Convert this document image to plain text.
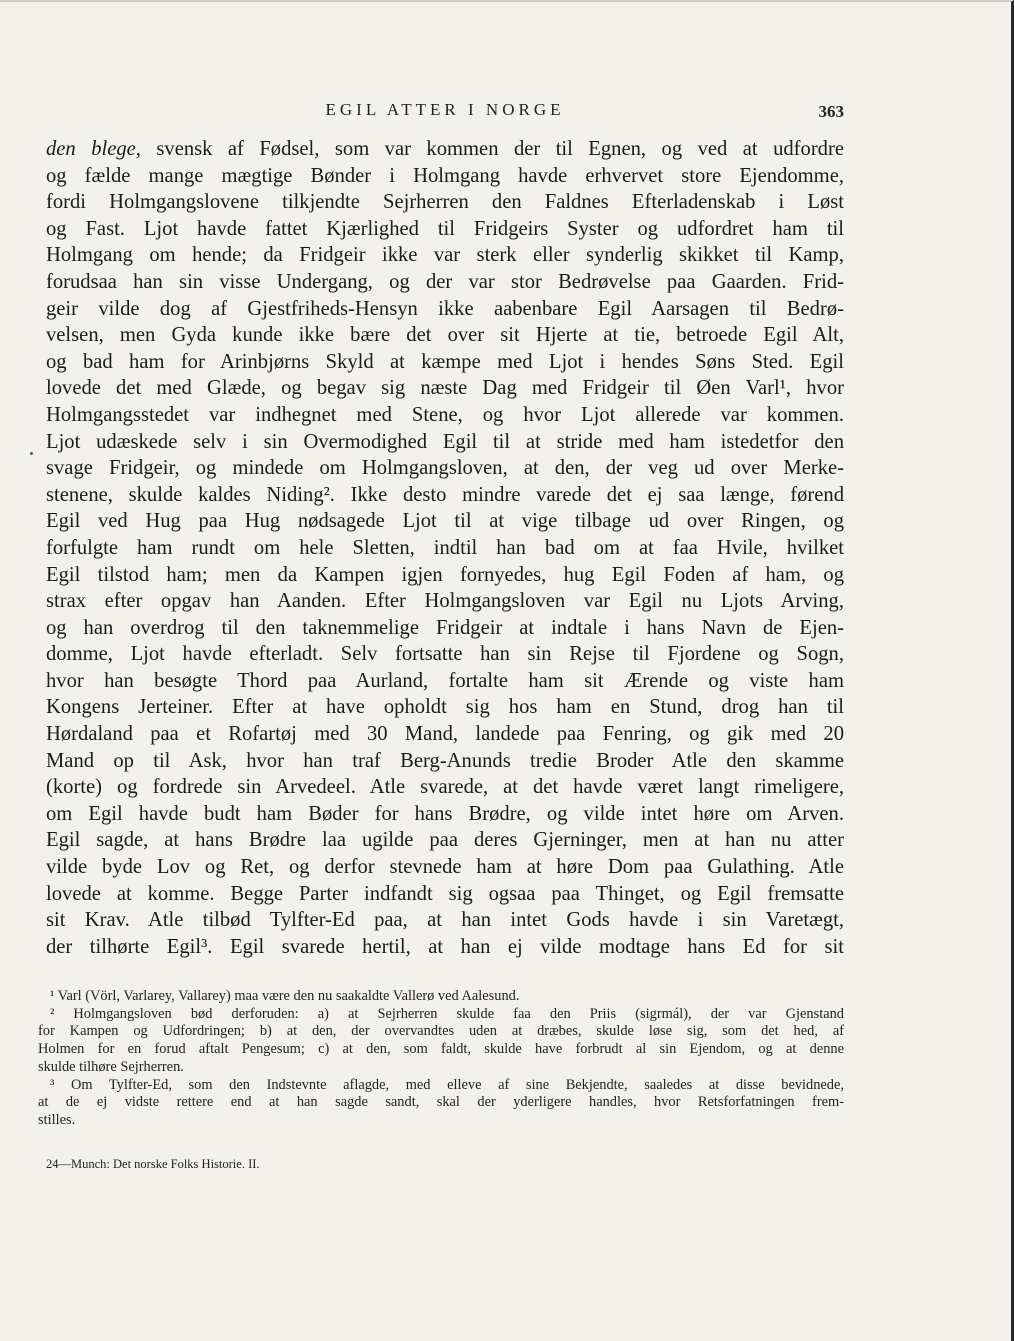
EGIL ATTER I NORGE	363
den blege, svensk af Fødsel, som var kommen der til Egnen, og ved at udfordre
og fælde mange mægtige Bønder i Holmgang havde erhvervet store Ejendomme,
fordi Holmgangslovene tilkjendte Sejrherren den Faldnes Efterladenskab i Løst
og Fast. Ljot havde fattet Kjærlighed til Fridgeirs Syster og udfordret ham til
Holmgang om hende; da Fridgeir ikke var sterk eller synderlig skikket til Kamp,
forudsaa han sin visse Undergang, og der var stor Bedrøvelse paa Gaarden. Frid-
geir vilde dog af Gjestfriheds-Hensyn ikke aabenbare Egil Aarsagen til Bedrø-
velsen, men Gyda kunde ikke bære det over sit Hjerte at tie, betroede Egil Alt,
og bad ham for Arinbjørns Skyld at kæmpe med Ljot i hendes Søns Sted. Egil
lovede det med Glæde, og begav sig næste Dag med Fridgeir til Øen Varl¹, hvor
Holmgangsstedet var indhegnet med Stene, og hvor Ljot allerede var kommen.
Ljot udæskede selv i sin Overmodighed Egil til at stride med ham istedetfor den
svage Fridgeir, og mindede om Holmgangsloven, at den, der veg ud over Merke-
stenene, skulde kaldes Niding². Ikke desto mindre varede det ej saa længe, førend
Egil ved Hug paa Hug nødsagede Ljot til at vige tilbage ud over Ringen, og
forfulgte ham rundt om hele Sletten, indtil han bad om at faa Hvile, hvilket
Egil tilstod ham; men da Kampen igjen fornyedes, hug Egil Foden af ham, og
strax efter opgav han Aanden. Efter Holmgangsloven var Egil nu Ljots Arving,
og han overdrog til den taknemmelige Fridgeir at indtale i hans Navn de Ejen-
domme, Ljot havde efterladt. Selv fortsatte han sin Rejse til Fjordene og Sogn,
hvor han besøgte Thord paa Aurland, fortalte ham sit Ærende og viste ham
Kongens Jerteiner. Efter at have opholdt sig hos ham en Stund, drog han til
Hørdaland paa et Rofartøj med 30 Mand, landede paa Fenring, og gik med 20
Mand op til Ask, hvor han traf Berg-Anunds tredie Broder Atle den skamme
(korte) og fordrede sin Arvedeel. Atle svarede, at det havde været langt rimeligere,
om Egil havde budt ham Bøder for hans Brødre, og vilde intet høre om Arven.
Egil sagde, at hans Brødre laa ugilde paa deres Gjerninger, men at han nu atter
vilde byde Lov og Ret, og derfor stevnede ham at høre Dom paa Gulathing. Atle
lovede at komme. Begge Parter indfandt sig ogsaa paa Thinget, og Egil fremsatte
sit Krav. Atle tilbød Tylfter-Ed paa, at han intet Gods havde i sin Varetægt,
der tilhørte Egil³. Egil svarede hertil, at han ej vilde modtage hans Ed for sit
¹ Varl (Vörl, Varlarey, Vallarey) maa være den nu saakaldte Vallerø ved Aalesund.
² Holmgangsloven bød derforuden: a) at Sejrherren skulde faa den Priis (sigrmál), der var Gjenstand
for Kampen og Udfordringen; b) at den, der overvandtes uden at dræbes, skulde løse sig, som det hed, af
Holmen for en forud aftalt Pengesum; c) at den, som faldt, skulde have forbrudt al sin Ejendom, og at denne
skulde tilhøre Sejrherren.
³ Om Tylfter-Ed, som den Indstevnte aflagde, med elleve af sine Bekjendte, saaledes at disse bevidnede,
at de ej vidste rettere end at han sagde sandt, skal der yderligere handles, hvor Retsforfatningen frem-
stilles.
24—Munch: Det norske Folks Historie. II.
